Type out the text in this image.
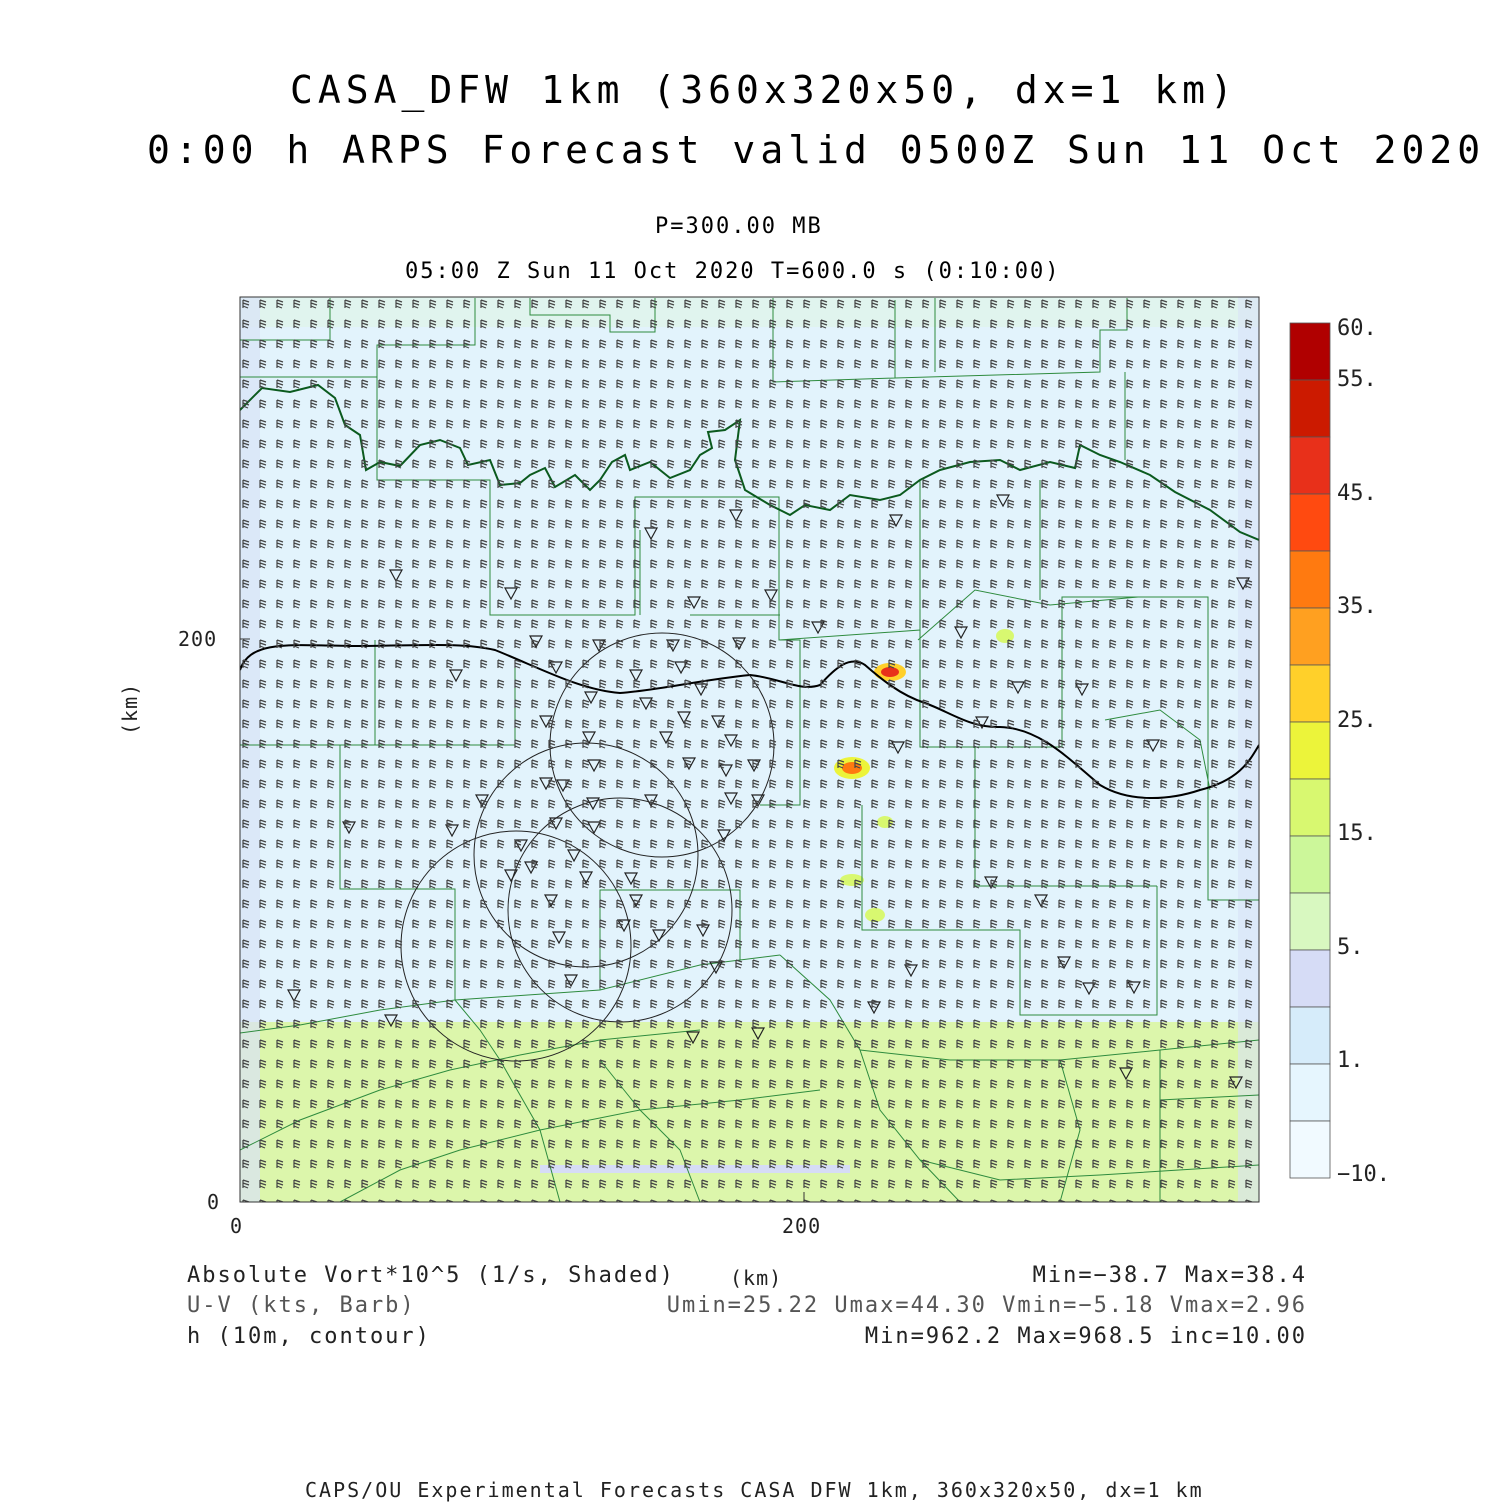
CASA_DFW 1km (360x320x50, dx=1 km)
0:00 h ARPS Forecast valid 0500Z Sun 11 Oct 2020
P=300.00 MB
05:00 Z Sun 11 Oct 2020 T=600.0 s (0:10:00)
200
0
0	200
(km)
(km)
60.
55.
45.
35.
25.
15.
5.
1.
−10.
Absolute Vort*10^5 (1/s, Shaded)
U-V (kts, Barb)
h (10m, contour)
Min=−38.7 Max=38.4
Umin=25.22 Umax=44.30 Vmin=−5.18 Vmax=2.96
Min=962.2 Max=968.5 inc=10.00
CAPS/OU Experimental Forecasts CASA DFW 1km, 360x320x50, dx=1 km
